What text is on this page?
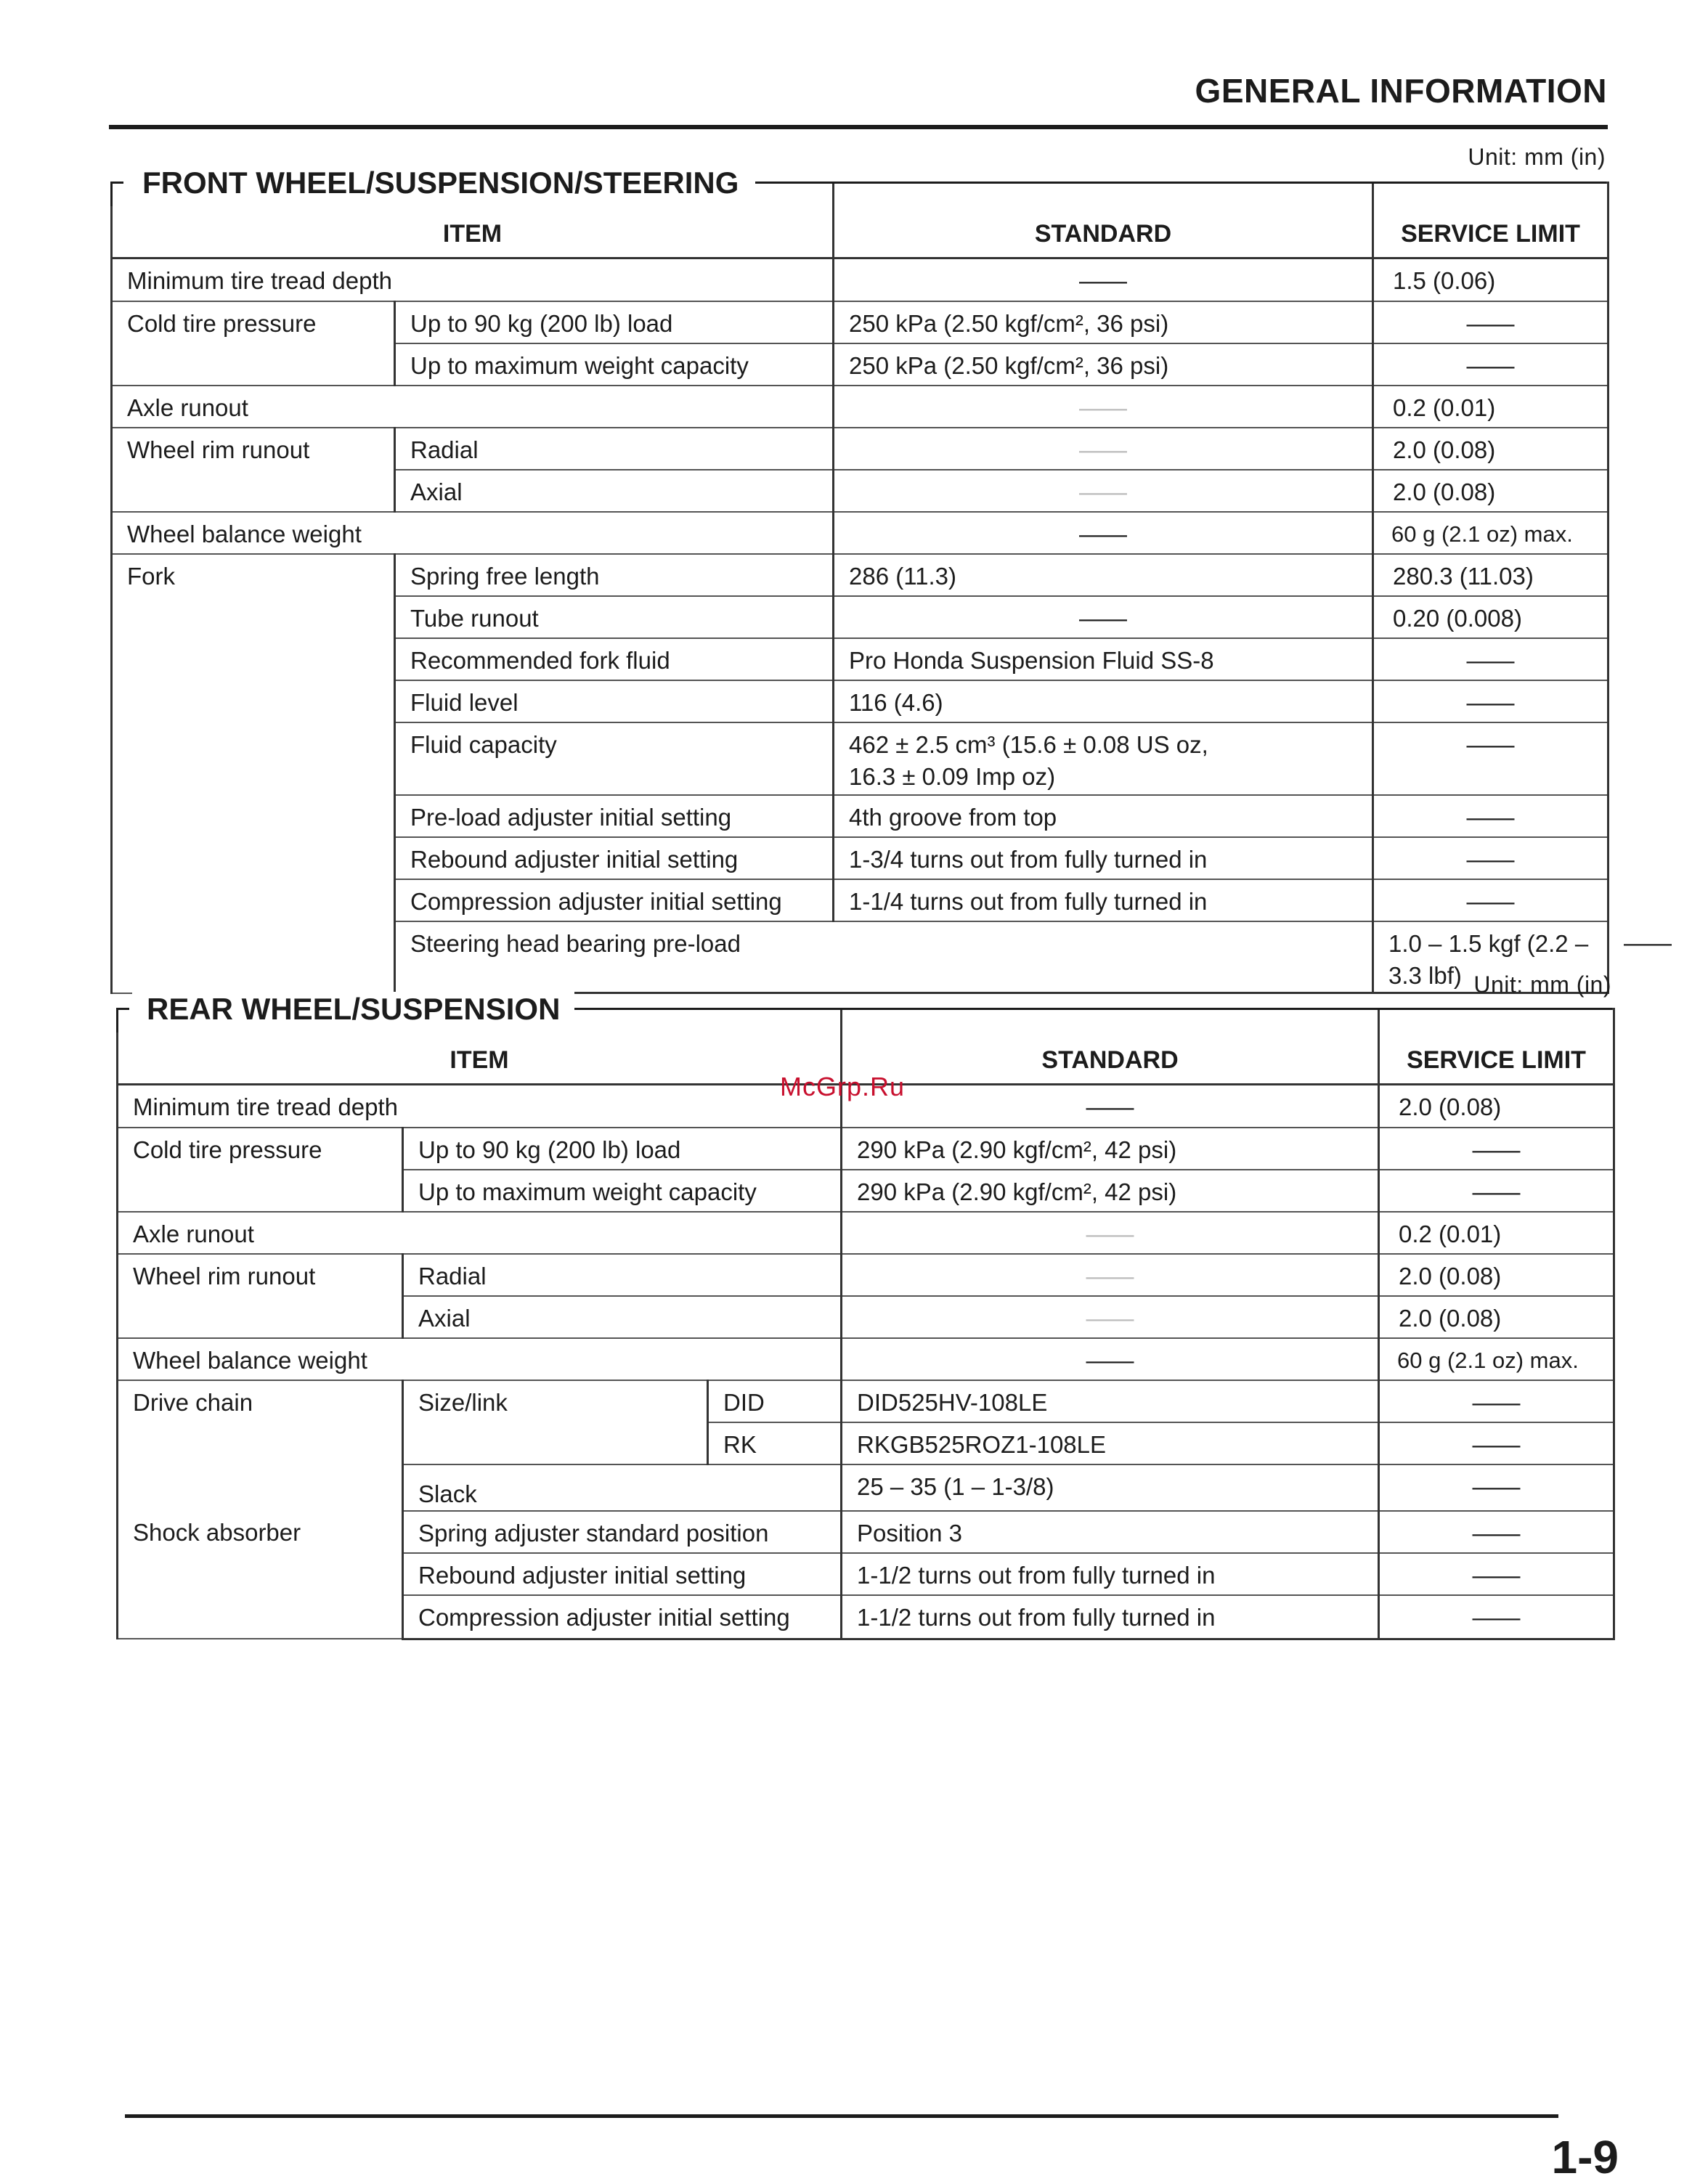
GENERAL INFORMATION
Unit: mm (in)
FRONT WHEEL/SUSPENSION/STEERING
ITEM		STANDARD	SERVICE LIMIT	
Minimum tire tread depth		——	1.5 (0.06)	
Cold tire pressure	Up to 90 kg (200 lb) load	250 kPa (2.50 kgf/cm², 36 psi)	——	
	Up to maximum weight capacity	250 kPa (2.50 kgf/cm², 36 psi)	——	
Axle runout		——	0.2 (0.01)	
Wheel rim runout	Radial	——	2.0 (0.08)	
	Axial	——	2.0 (0.08)	
Wheel balance weight		——	60 g (2.1 oz) max.	
Fork	Spring free length	286 (11.3)	280.3 (11.03)	
	Tube runout	——	0.20 (0.008)	
	Recommended fork fluid	Pro Honda Suspension Fluid SS-8	——	
	Fluid level	116 (4.6)	——	
	Fluid capacity	462 ± 2.5 cm³ (15.6 ± 0.08 US oz,
16.3 ± 0.09 Imp oz)	——	
	Pre-load adjuster initial setting	4th groove from top	——	
	Rebound adjuster initial setting	1-3/4 turns out from fully turned in	——	
	Compression adjuster initial setting	1-1/4 turns out from fully turned in	——	
	Steering head bearing pre-load		1.0 – 1.5 kgf (2.2 – 3.3 lbf)	——
Unit: mm (in)
REAR WHEEL/SUSPENSION
ITEM			STANDARD	SERVICE LIMIT
Minimum tire tread depth			——	2.0 (0.08)
Cold tire pressure	Up to 90 kg (200 lb) load		290 kPa (2.90 kgf/cm², 42 psi)	——
	Up to maximum weight capacity		290 kPa (2.90 kgf/cm², 42 psi)	——
Axle runout			——	0.2 (0.01)
Wheel rim runout	Radial		——	2.0 (0.08)
	Axial		——	2.0 (0.08)
Wheel balance weight			——	60 g (2.1 oz) max.
Drive chain	Size/link	DID	DID525HV-108LE	——
		RK	RKGB525ROZ1-108LE	——
	Slack		25 – 35 (1 – 1-3/8)	——
Shock absorber	Spring adjuster standard position		Position 3	——
	Rebound adjuster initial setting		1-1/2 turns out from fully turned in	——
	Compression adjuster initial setting		1-1/2 turns out from fully turned in	——
McGrp.Ru
1-9
